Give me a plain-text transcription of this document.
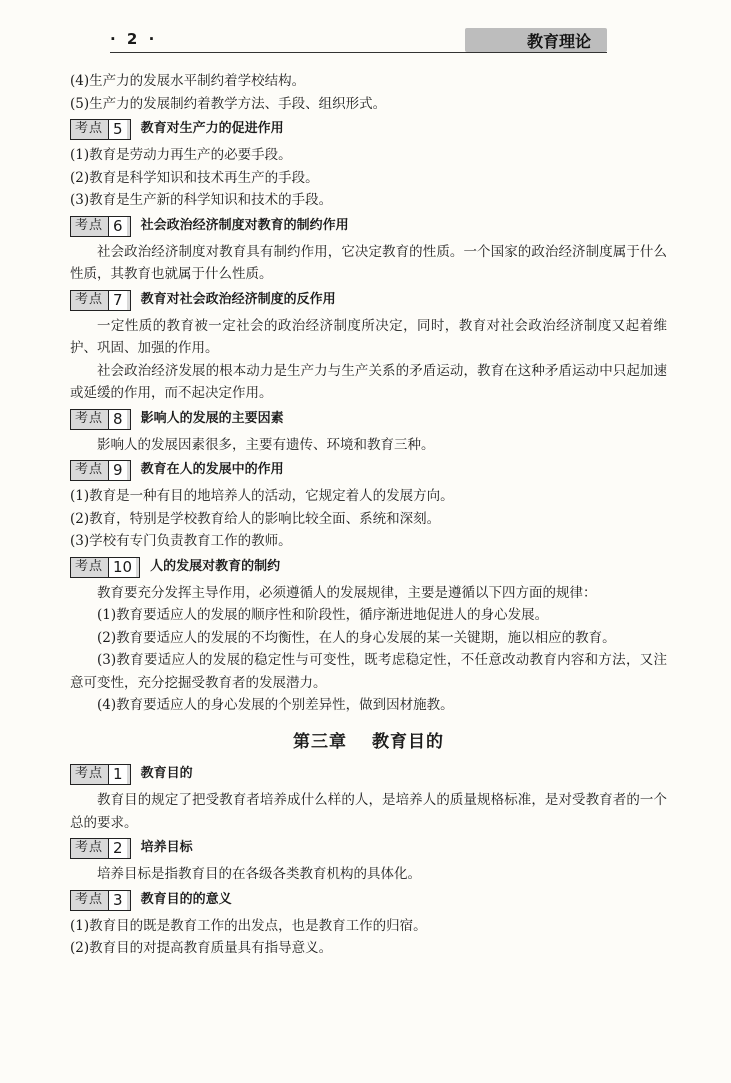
· 2 ·	教育理论

(4)生产力的发展水平制约着学校结构。

(5)生产力的发展制约着教学方法、手段、组织形式。

考点 5	教育对生产力的促进作用

(1)教育是劳动力再生产的必要手段。

(2)教育是科学知识和技术再生产的手段。

(3)教育是生产新的科学知识和技术的手段。

考点 6	社会政治经济制度对教育的制约作用

社会政治经济制度对教育具有制约作用，它决定教育的性质。一个国家的政治经济制度属于什么性质，其教育也就属于什么性质。

考点 7	教育对社会政治经济制度的反作用

一定性质的教育被一定社会的政治经济制度所决定，同时，教育对社会政治经济制度又起着维护、巩固、加强的作用。

社会政治经济发展的根本动力是生产力与生产关系的矛盾运动，教育在这种矛盾运动中只起加速或延缓的作用，而不起决定作用。

考点 8	影响人的发展的主要因素

影响人的发展因素很多，主要有遗传、环境和教育三种。

考点 9	教育在人的发展中的作用

(1)教育是一种有目的地培养人的活动，它规定着人的发展方向。

(2)教育，特别是学校教育给人的影响比较全面、系统和深刻。

(3)学校有专门负责教育工作的教师。

考点 10	人的发展对教育的制约

教育要充分发挥主导作用，必须遵循人的发展规律，主要是遵循以下四方面的规律：

(1)教育要适应人的发展的顺序性和阶段性，循序渐进地促进人的身心发展。

(2)教育要适应人的发展的不均衡性，在人的身心发展的某一关键期，施以相应的教育。

(3)教育要适应人的发展的稳定性与可变性，既考虑稳定性，不任意改动教育内容和方法，又注意可变性，充分挖掘受教育者的发展潜力。

(4)教育要适应人的身心发展的个别差异性，做到因材施教。

第三章 教育目的
考点 1	教育目的

教育目的规定了把受教育者培养成什么样的人，是培养人的质量规格标准，是对受教育者的一个总的要求。

考点 2	培养目标

培养目标是指教育目的在各级各类教育机构的具体化。

考点 3	教育目的的意义

(1)教育目的既是教育工作的出发点，也是教育工作的归宿。

(2)教育目的对提高教育质量具有指导意义。
